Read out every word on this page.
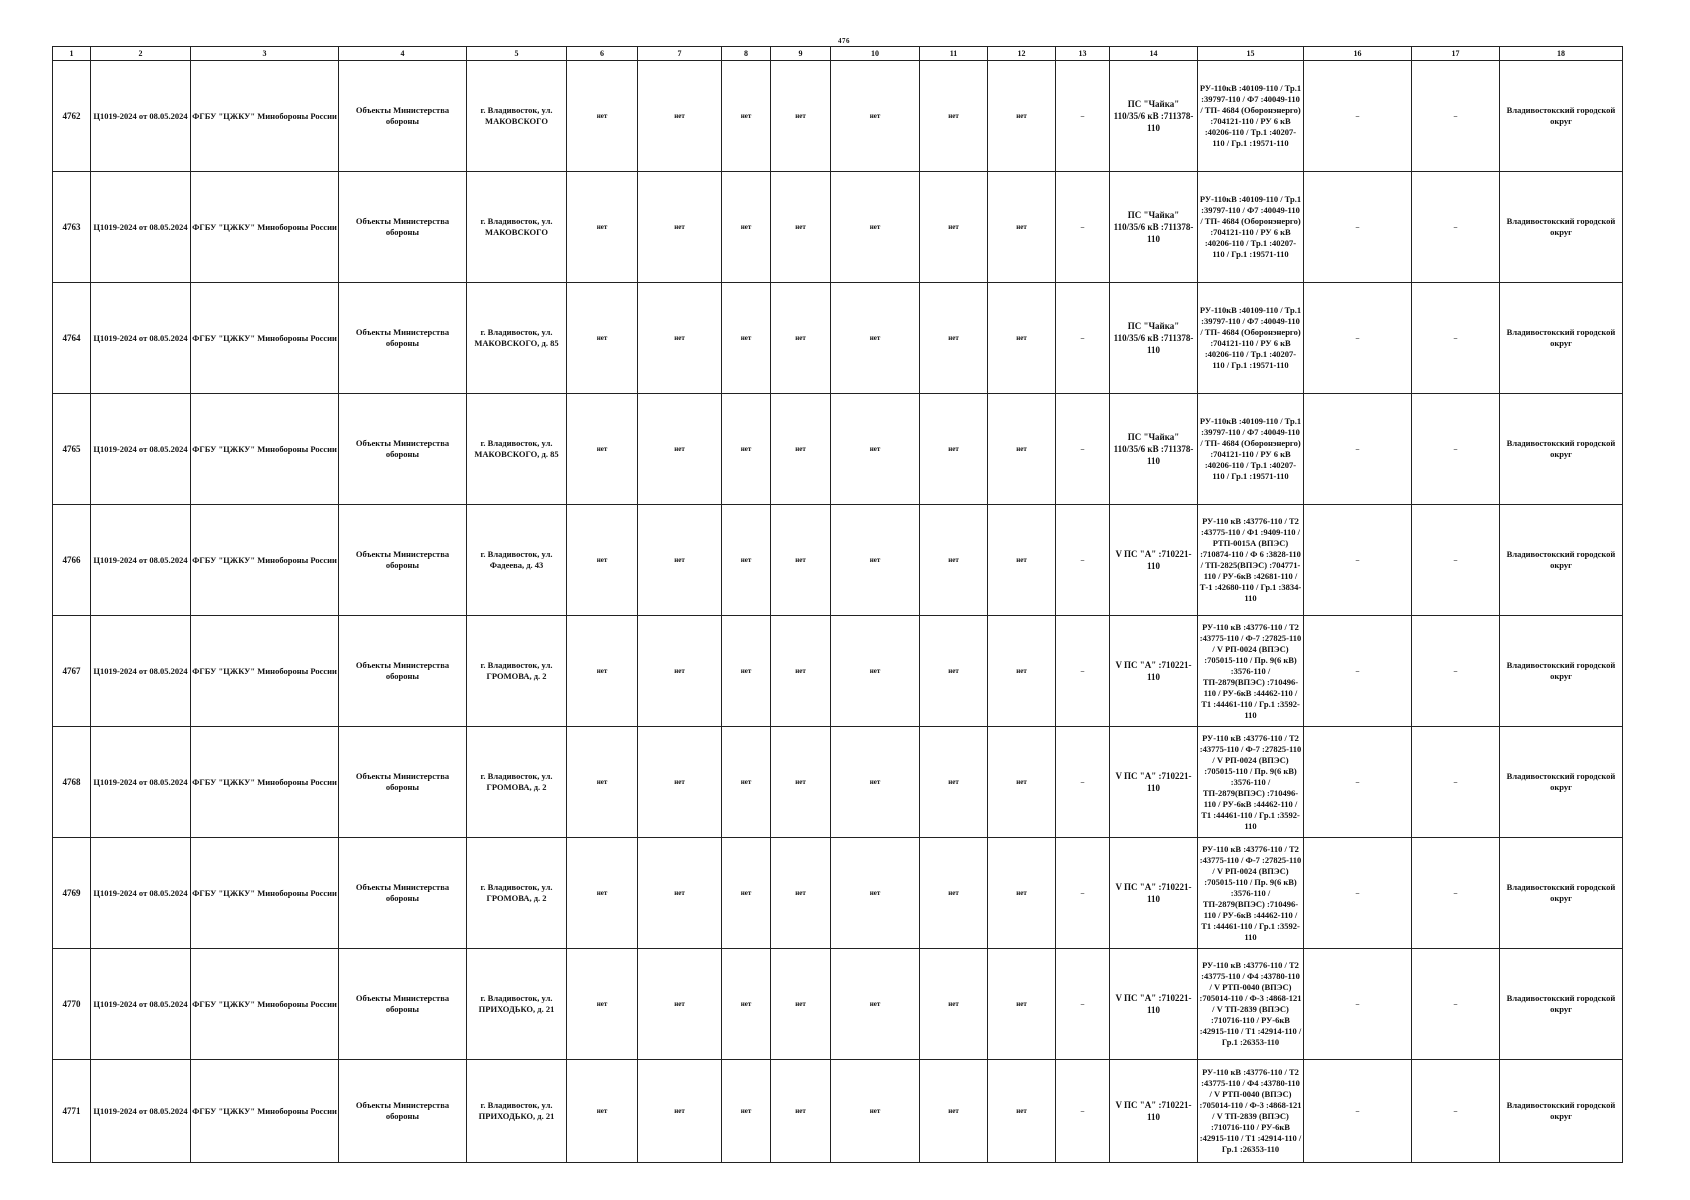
476
1	2	3	4	5	6	7	8	9	10	11	12	13	14	15	16	17	18
4762	Ц1019-2024 от 08.05.2024	ФГБУ "ЦЖКУ" Минобороны России	Объекты Министерства обороны	г. Владивосток, ул. МАКОВСКОГО	нет	нет	нет	нет	нет	нет	нет	–	ПС "Чайка" 110/35/6 кВ :711378-110	РУ-110кВ :40109-110 / Тр.1 :39797-110 / Ф7 :40049-110 / ТП- 4684 (Оборонэнерго) :704121-110 / РУ 6 кВ :40206-110 / Тр.1 :40207-110 / Гр.1 :19571-110	–	–	Владивостокский городской округ
4763	Ц1019-2024 от 08.05.2024	ФГБУ "ЦЖКУ" Минобороны России	Объекты Министерства обороны	г. Владивосток, ул. МАКОВСКОГО	нет	нет	нет	нет	нет	нет	нет	–	ПС "Чайка" 110/35/6 кВ :711378-110	РУ-110кВ :40109-110 / Тр.1 :39797-110 / Ф7 :40049-110 / ТП- 4684 (Оборонэнерго) :704121-110 / РУ 6 кВ :40206-110 / Тр.1 :40207-110 / Гр.1 :19571-110	–	–	Владивостокский городской округ
4764	Ц1019-2024 от 08.05.2024	ФГБУ "ЦЖКУ" Минобороны России	Объекты Министерства обороны	г. Владивосток, ул. МАКОВСКОГО, д. 85	нет	нет	нет	нет	нет	нет	нет	–	ПС "Чайка" 110/35/6 кВ :711378-110	РУ-110кВ :40109-110 / Тр.1 :39797-110 / Ф7 :40049-110 / ТП- 4684 (Оборонэнерго) :704121-110 / РУ 6 кВ :40206-110 / Тр.1 :40207-110 / Гр.1 :19571-110	–	–	Владивостокский городской округ
4765	Ц1019-2024 от 08.05.2024	ФГБУ "ЦЖКУ" Минобороны России	Объекты Министерства обороны	г. Владивосток, ул. МАКОВСКОГО, д. 85	нет	нет	нет	нет	нет	нет	нет	–	ПС "Чайка" 110/35/6 кВ :711378-110	РУ-110кВ :40109-110 / Тр.1 :39797-110 / Ф7 :40049-110 / ТП- 4684 (Оборонэнерго) :704121-110 / РУ 6 кВ :40206-110 / Тр.1 :40207-110 / Гр.1 :19571-110	–	–	Владивостокский городской округ
4766	Ц1019-2024 от 08.05.2024	ФГБУ "ЦЖКУ" Минобороны России	Объекты Министерства обороны	г. Владивосток, ул. Фадеева, д. 43	нет	нет	нет	нет	нет	нет	нет	–	V ПС "А" :710221-110	РУ-110 кВ :43776-110 / Т2 :43775-110 / Ф1 :9409-110 / РТП-0015А (ВПЭС) :710874-110 / Ф 6 :3828-110 / ТП-2825(ВПЭС) :704771-110 / РУ-6кВ :42681-110 / Т-1 :42680-110 / Гр.1 :3834-110	–	–	Владивостокский городской округ
4767	Ц1019-2024 от 08.05.2024	ФГБУ "ЦЖКУ" Минобороны России	Объекты Министерства обороны	г. Владивосток, ул. ГРОМОВА, д. 2	нет	нет	нет	нет	нет	нет	нет	–	V ПС "А" :710221-110	РУ-110 кВ :43776-110 / Т2 :43775-110 / Ф-7 :27825-110 / V РП-0024 (ВПЭС) :705015-110 / Пр. 9(6 кВ) :3576-110 / ТП-2879(ВПЭС) :710496-110 / РУ-6кВ :44462-110 / Т1 :44461-110 / Гр.1 :3592-110	–	–	Владивостокский городской округ
4768	Ц1019-2024 от 08.05.2024	ФГБУ "ЦЖКУ" Минобороны России	Объекты Министерства обороны	г. Владивосток, ул. ГРОМОВА, д. 2	нет	нет	нет	нет	нет	нет	нет	–	V ПС "А" :710221-110	РУ-110 кВ :43776-110 / Т2 :43775-110 / Ф-7 :27825-110 / V РП-0024 (ВПЭС) :705015-110 / Пр. 9(6 кВ) :3576-110 / ТП-2879(ВПЭС) :710496-110 / РУ-6кВ :44462-110 / Т1 :44461-110 / Гр.1 :3592-110	–	–	Владивостокский городской округ
4769	Ц1019-2024 от 08.05.2024	ФГБУ "ЦЖКУ" Минобороны России	Объекты Министерства обороны	г. Владивосток, ул. ГРОМОВА, д. 2	нет	нет	нет	нет	нет	нет	нет	–	V ПС "А" :710221-110	РУ-110 кВ :43776-110 / Т2 :43775-110 / Ф-7 :27825-110 / V РП-0024 (ВПЭС) :705015-110 / Пр. 9(6 кВ) :3576-110 / ТП-2879(ВПЭС) :710496-110 / РУ-6кВ :44462-110 / Т1 :44461-110 / Гр.1 :3592-110	–	–	Владивостокский городской округ
4770	Ц1019-2024 от 08.05.2024	ФГБУ "ЦЖКУ" Минобороны России	Объекты Министерства обороны	г. Владивосток, ул. ПРИХОДЬКО, д. 21	нет	нет	нет	нет	нет	нет	нет	–	V ПС "А" :710221-110	РУ-110 кВ :43776-110 / Т2 :43775-110 / Ф4 :43780-110 / V РТП-0040 (ВПЭС) :705014-110 / Ф-3 :4868-121 / V ТП-2839 (ВПЭС) :710716-110 / РУ-6кВ :42915-110 / Т1 :42914-110 / Гр.1 :26353-110	–	–	Владивостокский городской округ
4771	Ц1019-2024 от 08.05.2024	ФГБУ "ЦЖКУ" Минобороны России	Объекты Министерства обороны	г. Владивосток, ул. ПРИХОДЬКО, д. 21	нет	нет	нет	нет	нет	нет	нет	–	V ПС "А" :710221-110	РУ-110 кВ :43776-110 / Т2 :43775-110 / Ф4 :43780-110 / V РТП-0040 (ВПЭС) :705014-110 / Ф-3 :4868-121 / V ТП-2839 (ВПЭС) :710716-110 / РУ-6кВ :42915-110 / Т1 :42914-110 / Гр.1 :26353-110	–	–	Владивостокский городской округ
